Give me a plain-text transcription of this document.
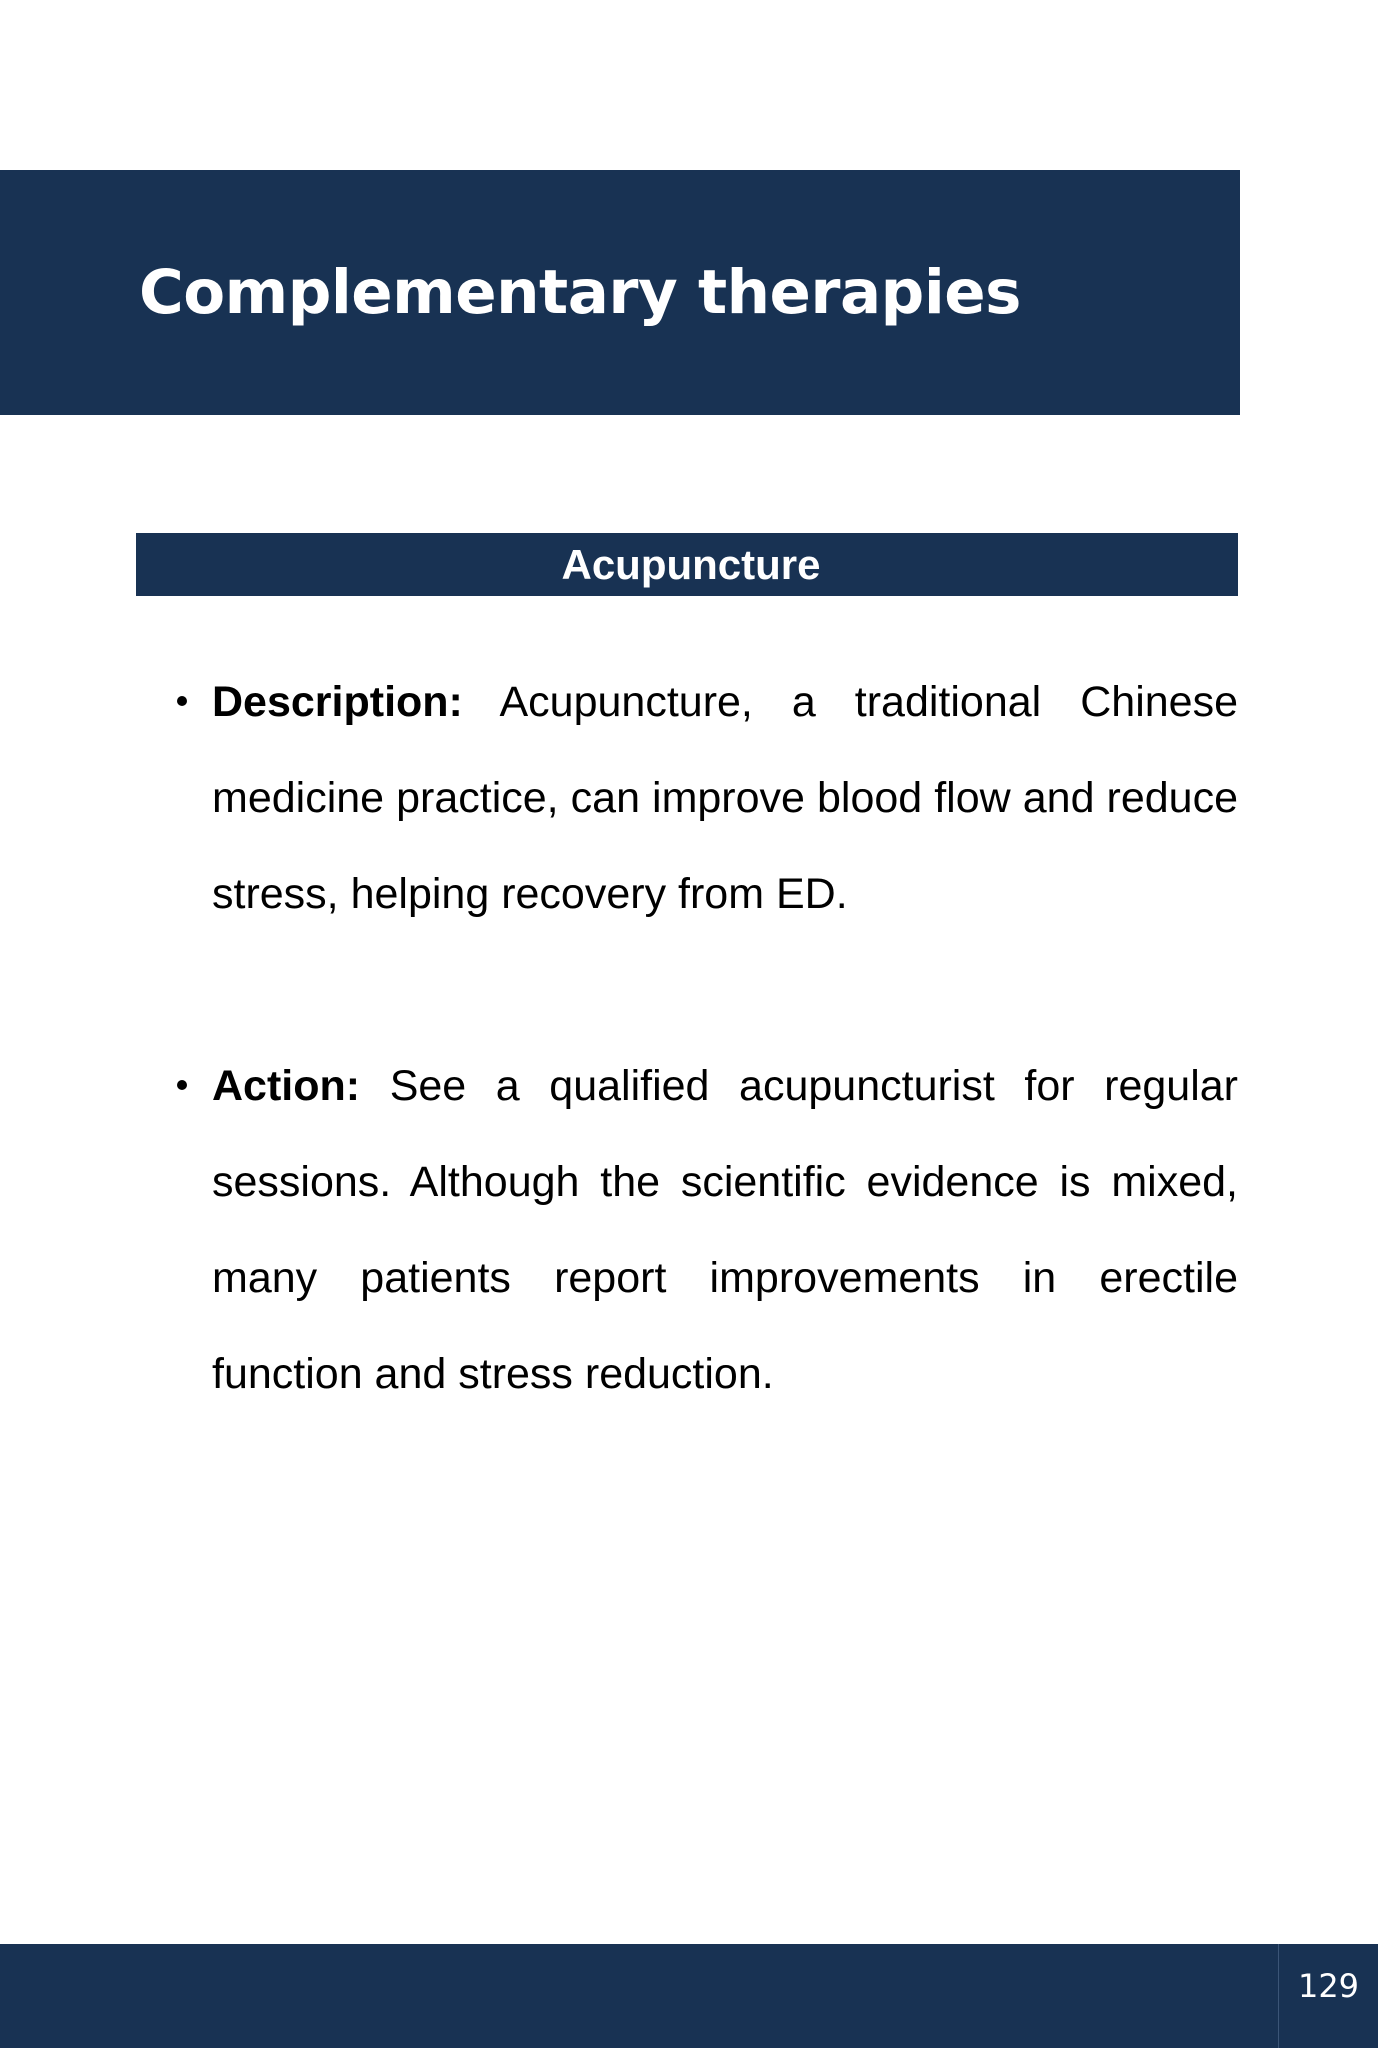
Complementary therapies
Acupuncture
Description: Acupuncture, a traditional Chinese medicine practice, can improve blood flow and reduce stress, helping recovery from ED.
Action: See a qualified acupuncturist for regular sessions. Although the scientific evidence is mixed, many patients report improvements in erectile function and stress reduction.
129
